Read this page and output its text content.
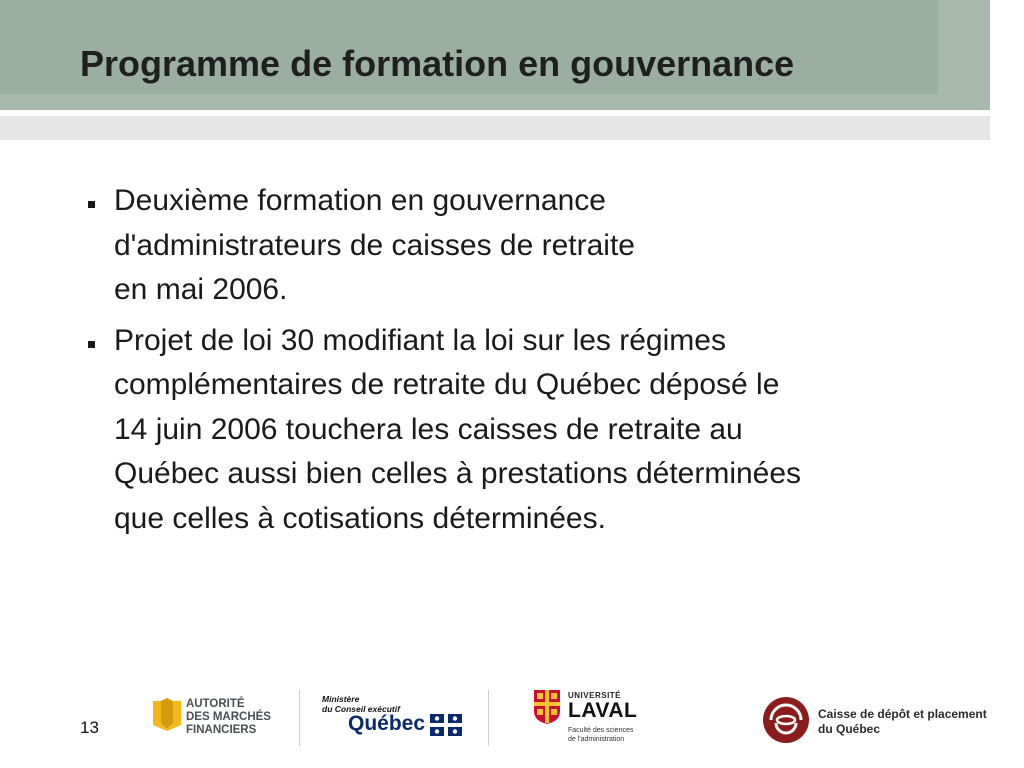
Programme de formation en gouvernance
Deuxième formation en gouvernance
d'administrateurs de caisses de retraite
en mai 2006.
Projet de loi 30 modifiant la loi sur les régimes
complémentaires de retraite du Québec déposé le
14 juin 2006 touchera les caisses de retraite au
Québec aussi bien celles à prestations déterminées
que celles à cotisations déterminées.
13

AUTORITÉ
DES MARCHÉS
FINANCIERS

Ministère
du Conseil exécutif

Québec

UNIVERSITÉ

LAVAL

Faculté des sciences
de l'administration

Caisse de dépôt et placement
du Québec
